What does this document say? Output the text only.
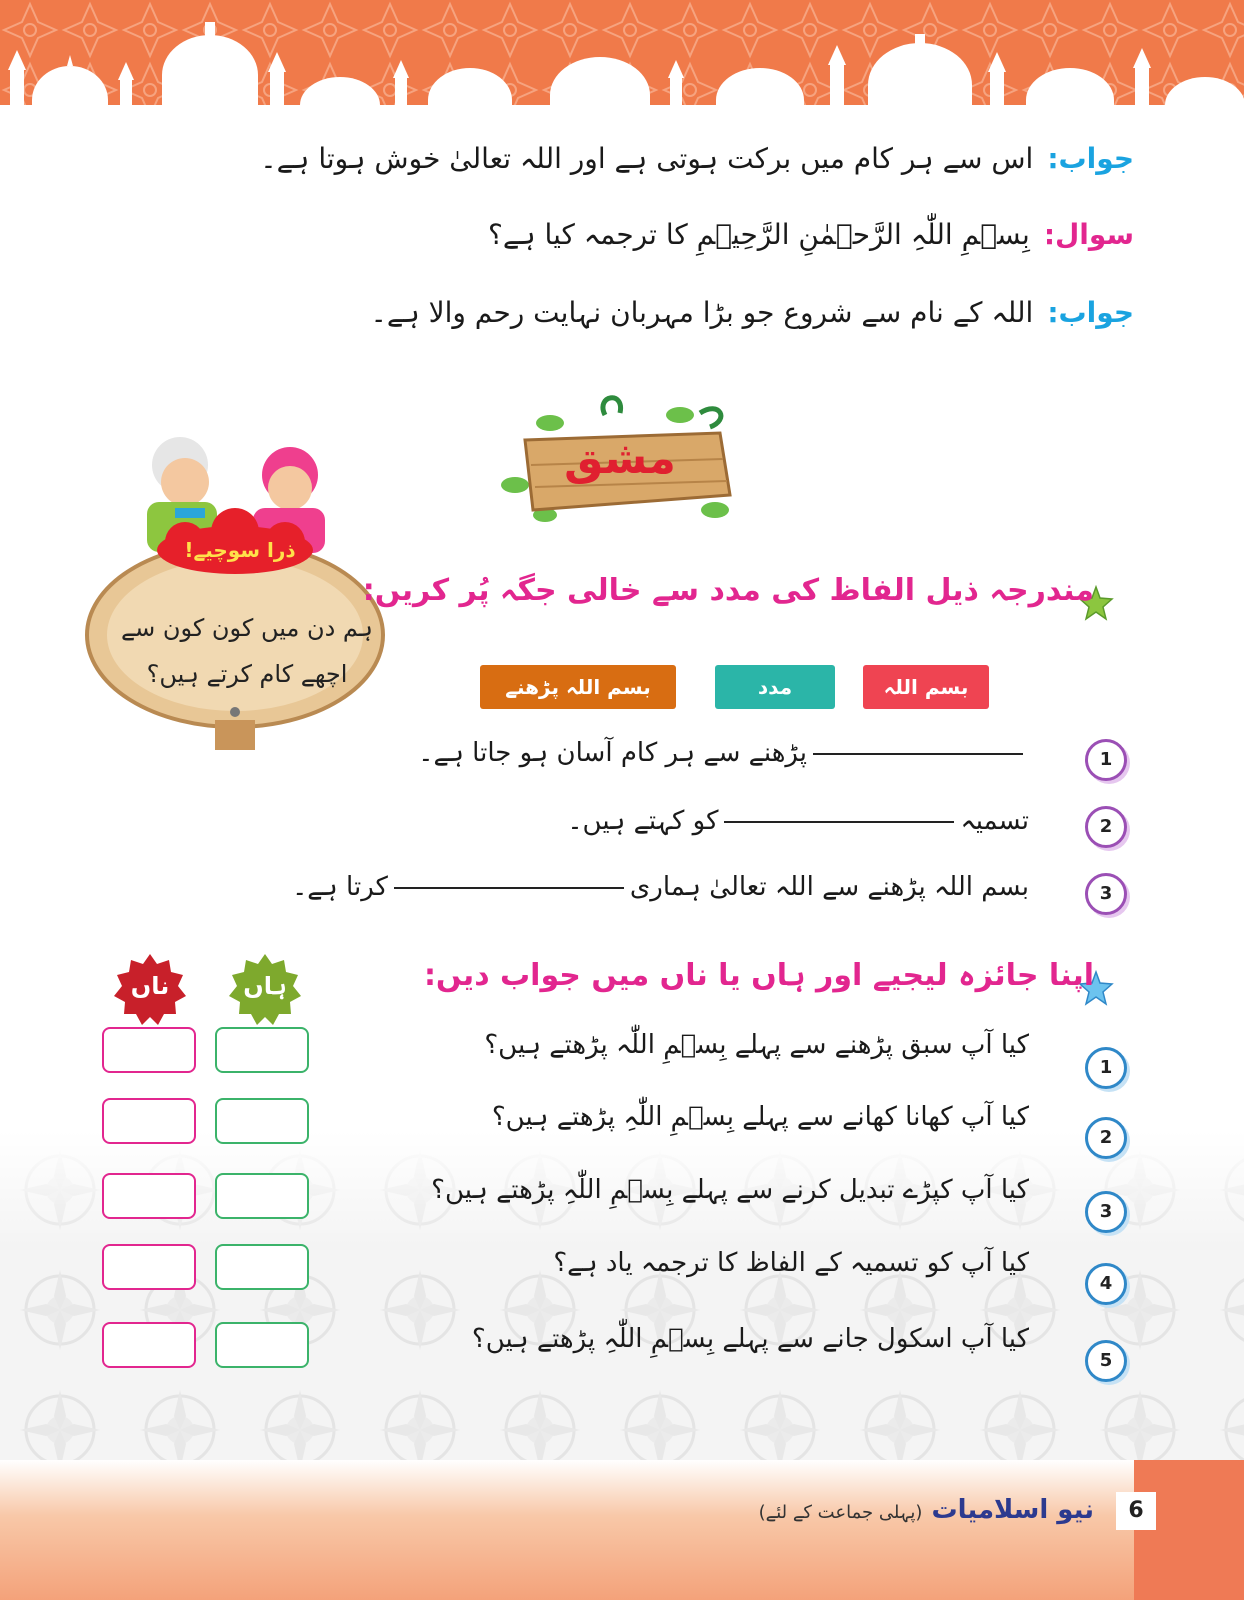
جواب:اس سے ہر کام میں برکت ہوتی ہے اور اللہ تعالیٰ خوش ہوتا ہے۔
سوال:بِسۡمِ اللّٰہِ الرَّحۡمٰنِ الرَّحِیۡمِ کا ترجمہ کیا ہے؟
جواب:اللہ کے نام سے شروع جو بڑا مہربان نہایت رحم والا ہے۔
مشق
ذرا سوچیے!
ہم دن میں کون کون سے
اچھے کام کرتے ہیں؟
مندرجہ ذیل الفاظ کی مدد سے خالی جگہ پُر کریں:
بسم اللہ
مدد
بسم اللہ پڑھنے
1
پڑھنے سے ہر کام آسان ہو جاتا ہے۔
2
تسمیہکو کہتے ہیں۔
3
بسم اللہ پڑھنے سے اللہ تعالیٰ ہماریکرتا ہے۔
اپنا جائزہ لیجیے اور ہاں یا ناں میں جواب دیں:
ہاں
ناں
1
کیا آپ سبق پڑھنے سے پہلے بِسۡمِ اللّٰہ پڑھتے ہیں؟
2
کیا آپ کھانا کھانے سے پہلے بِسۡمِ اللّٰہِ پڑھتے ہیں؟
3
کیا آپ کپڑے تبدیل کرنے سے پہلے بِسۡمِ اللّٰہِ پڑھتے ہیں؟
4
کیا آپ کو تسمیہ کے الفاظ کا ترجمہ یاد ہے؟
5
کیا آپ اسکول جانے سے پہلے بِسۡمِ اللّٰہِ پڑھتے ہیں؟
نیو اسلامیات (پہلی جماعت کے لئے)	6
